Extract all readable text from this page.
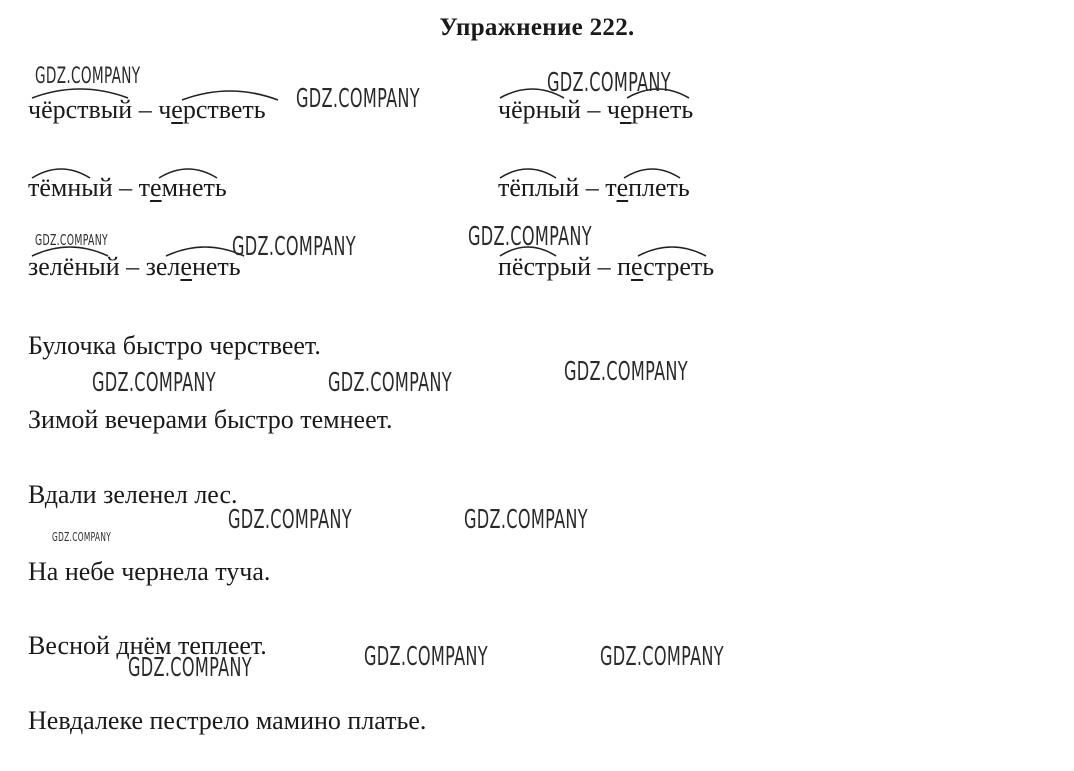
Упражнение 222.
чёрствый – черстветь	чёрный – чернеть
тёмный – темнеть	тёплый – теплеть
зелёный – зеленеть	пёстрый – пестреть
Булочка быстро черствеет.
Зимой вечерами быстро темнеет.
Вдали зеленел лес.
На небе чернела туча.
Весной днём теплеет.
Невдалеке пестрело мамино платье.
GDZ.COMPANY
GDZ.COMPANY
GDZ.COMPANY
GDZ.COMPANY	GDZ.COMPANY	GDZ.COMPANY
GDZ.COMPANY	GDZ.COMPANY	GDZ.COMPANY
GDZ.COMPANY	GDZ.COMPANY
GDZ.COMPANY
GDZ.COMPANY	GDZ.COMPANY	GDZ.COMPANY
